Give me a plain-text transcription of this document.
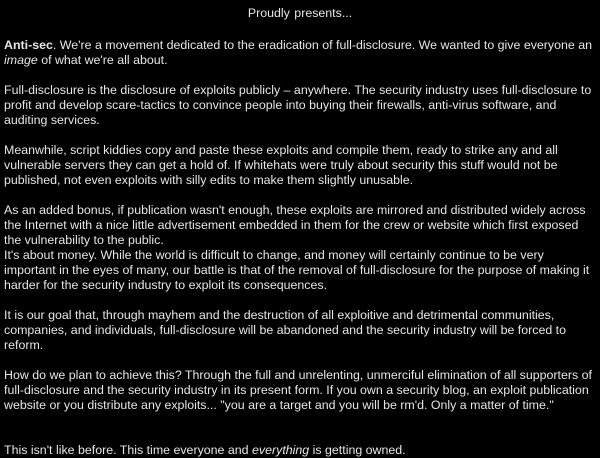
Proudly presents...

Anti-sec. We're a movement dedicated to the eradication of full-disclosure. We wanted to give everyone an image of what we're all about.

Full-disclosure is the disclosure of exploits publicly – anywhere. The security industry uses full-disclosure to profit and develop scare-tactics to convince people into buying their firewalls, anti-virus software, and auditing services.

Meanwhile, script kiddies copy and paste these exploits and compile them, ready to strike any and all vulnerable servers they can get a hold of. If whitehats were truly about security this stuff would not be published, not even exploits with silly edits to make them slightly unusable.

As an added bonus, if publication wasn't enough, these exploits are mirrored and distributed widely across the Internet with a nice little advertisement embedded in them for the crew or website which first exposed the vulnerability to the public.

It's about money. While the world is difficult to change, and money will certainly continue to be very important in the eyes of many, our battle is that of the removal of full-disclosure for the purpose of making it harder for the security industry to exploit its consequences.

It is our goal that, through mayhem and the destruction of all exploitive and detrimental communities, companies, and individuals, full-disclosure will be abandoned and the security industry will be forced to reform.

How do we plan to achieve this? Through the full and unrelenting, unmerciful elimination of all supporters of full-disclosure and the security industry in its present form. If you own a security blog, an exploit publication website or you distribute any exploits... "you are a target and you will be rm'd. Only a matter of time."

This isn't like before. This time everyone and everything is getting owned.
